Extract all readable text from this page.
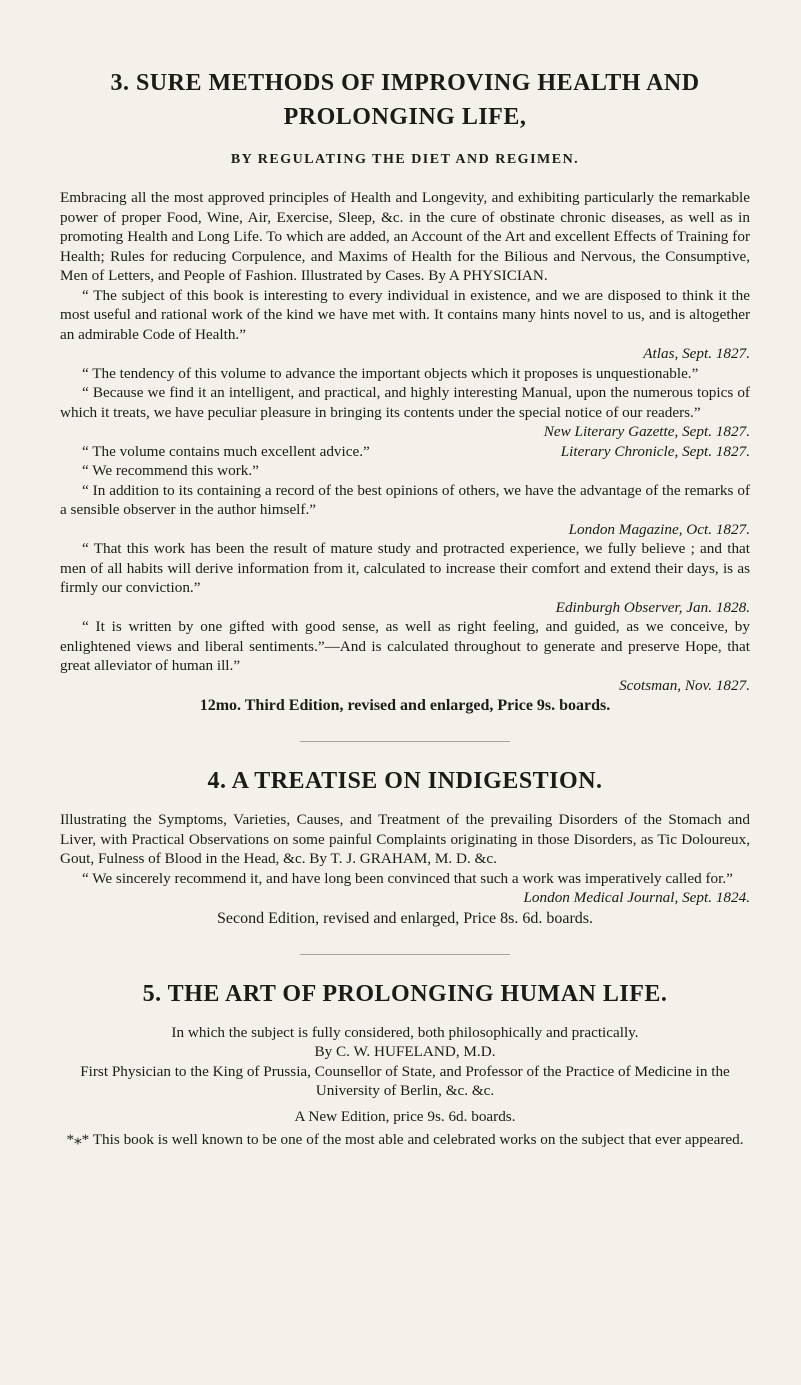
3. SURE METHODS OF IMPROVING HEALTH AND
PROLONGING LIFE,
BY REGULATING THE DIET AND REGIMEN.

Embracing all the most approved principles of Health and Longevity, and exhibiting particularly the remarkable power of proper Food, Wine, Air, Exercise, Sleep, &c. in the cure of obstinate chronic diseases, as well as in promoting Health and Long Life. To which are added, an Account of the Art and excellent Effects of Training for Health; Rules for reducing Corpulence, and Maxims of Health for the Bilious and Nervous, the Consumptive, Men of Letters, and People of Fashion. Illustrated by Cases. By A PHYSICIAN.

“ The subject of this book is interesting to every individual in existence, and we are disposed to think it the most useful and rational work of the kind we have met with. It contains many hints novel to us, and is altogether an admirable Code of Health.”

Atlas, Sept. 1827.

“ The tendency of this volume to advance the important objects which it proposes is unquestionable.”

“ Because we find it an intelligent, and practical, and highly interesting Manual, upon the numerous topics of which it treats, we have peculiar pleasure in bringing its contents under the special notice of our readers.”

New Literary Gazette, Sept. 1827.

“ The volume contains much excellent advice.”	Literary Chronicle, Sept. 1827.

“ We recommend this work.”

“ In addition to its containing a record of the best opinions of others, we have the advantage of the remarks of a sensible observer in the author himself.”

London Magazine, Oct. 1827.

“ That this work has been the result of mature study and protracted experience, we fully believe ; and that men of all habits will derive information from it, calculated to increase their comfort and extend their days, is as firmly our conviction.”

Edinburgh Observer, Jan. 1828.

“ It is written by one gifted with good sense, as well as right feeling, and guided, as we conceive, by enlightened views and liberal sentiments.”—And is calculated throughout to generate and preserve Hope, that great alleviator of human ill.”

Scotsman, Nov. 1827.
12mo. Third Edition, revised and enlarged, Price 9s. boards.
4. A TREATISE ON INDIGESTION.

Illustrating the Symptoms, Varieties, Causes, and Treatment of the prevailing Disorders of the Stomach and Liver, with Practical Observations on some painful Complaints originating in those Disorders, as Tic Doloureux, Gout, Fulness of Blood in the Head, &c. By T. J. GRAHAM, M. D. &c.

“ We sincerely recommend it, and have long been convinced that such a work was imperatively called for.”

London Medical Journal, Sept. 1824.
Second Edition, revised and enlarged, Price 8s. 6d. boards.
5. THE ART OF PROLONGING HUMAN LIFE.

In which the subject is fully considered, both philosophically and practically.

By C. W. HUFELAND, M.D.

First Physician to the King of Prussia, Counsellor of State, and Professor of the Practice of Medicine in the University of Berlin, &c. &c.

A New Edition, price 9s. 6d. boards.

*⁎* This book is well known to be one of the most able and celebrated works on the subject that ever appeared.
